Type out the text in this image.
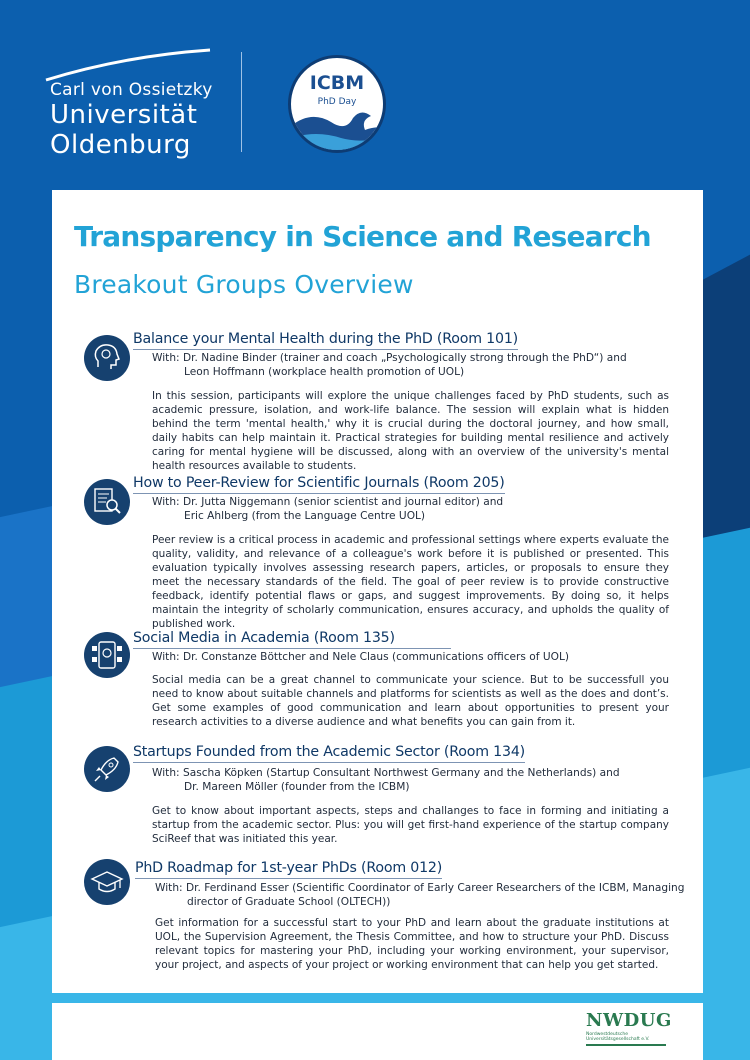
Carl von Ossietzky
Universität
Oldenburg
ICBM
PhD Day
Transparency in Science and Research
Breakout Groups Overview
Balance your Mental Health during the PhD (Room 101)
With: Dr. Nadine Binder (trainer and coach „Psychologically strong through the PhD“) and
Leon Hoffmann (workplace health promotion of UOL)
In this session, participants will explore the unique challenges faced by PhD students, such as academic pressure, isolation, and work-life balance. The session will explain what is hidden behind the term 'mental health,' why it is crucial during the doctoral journey, and how small, daily habits can help maintain it. Practical strategies for building mental resilience and actively caring for mental hygiene will be discussed, along with an overview of the university's mental health resources available to students.
How to Peer-Review for Scientific Journals (Room 205)
With: Dr. Jutta Niggemann (senior scientist and journal editor) and
Eric Ahlberg (from the Language Centre UOL)
Peer review is a critical process in academic and professional settings where experts evaluate the quality, validity, and relevance of a colleague's work before it is published or presented. This evaluation typically involves assessing research papers, articles, or proposals to ensure they meet the necessary standards of the field. The goal of peer review is to provide constructive feedback, identify potential flaws or gaps, and suggest improvements. By doing so, it helps maintain the integrity of scholarly communication, ensures accuracy, and upholds the quality of published work.
Social Media in Academia (Room 135)
With: Dr. Constanze Böttcher and Nele Claus (communications officers of UOL)
Social media can be a great channel to communicate your science. But to be successfull you need to know about suitable channels and platforms for scientists as well as the does and dont’s. Get some examples of good communication and learn about opportunities to present your research activities to a diverse audience and what benefits you can gain from it.
Startups Founded from the Academic Sector (Room 134)
With: Sascha Köpken (Startup Consultant Northwest Germany and the Netherlands) and
Dr. Mareen Möller (founder from the ICBM)
Get to know about important aspects, steps and challanges to face in forming and initiating a startup from the academic sector. Plus: you will get first-hand experience of the startup company SciReef that was initiated this year.
PhD Roadmap for 1st-year PhDs (Room 012)
With: Dr. Ferdinand Esser (Scientific Coordinator of Early Career Researchers of the ICBM, Managing
director of Graduate School (OLTECH))
Get information for a successful start to your PhD and learn about the graduate institutions at UOL, the Supervision Agreement, the Thesis Committee, and how to structure your PhD. Discuss relevant topics for mastering your PhD, including your working environment, your supervisor, your project, and aspects of your project or working environment that can help you get started.
NWDUG
Nordwestdeutsche Universitätsgesellschaft e.V.
